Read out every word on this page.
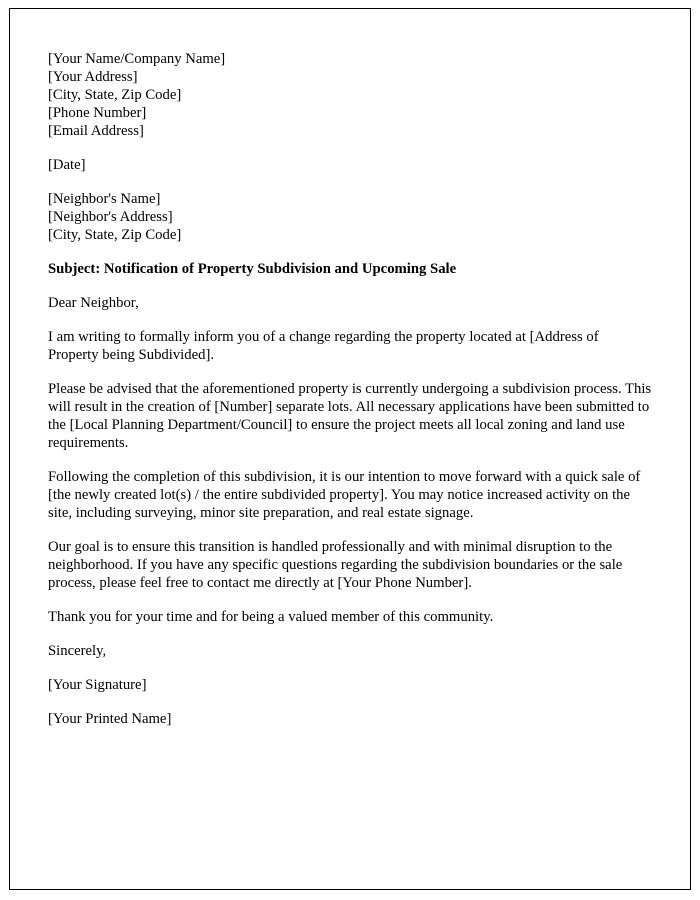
[Your Name/Company Name]

[Your Address]

[City, State, Zip Code]

[Phone Number]

[Email Address]

[Date]

[Neighbor's Name]

[Neighbor's Address]

[City, State, Zip Code]

Subject: Notification of Property Subdivision and Upcoming Sale

Dear Neighbor,

I am writing to formally inform you of a change regarding the property located at [Address of Property being Subdivided].

Please be advised that the aforementioned property is currently undergoing a subdivision process. This will result in the creation of [Number] separate lots. All necessary applications have been submitted to the [Local Planning Department/Council] to ensure the project meets all local zoning and land use requirements.

Following the completion of this subdivision, it is our intention to move forward with a quick sale of [the newly created lot(s) / the entire subdivided property]. You may notice increased activity on the site, including surveying, minor site preparation, and real estate signage.

Our goal is to ensure this transition is handled professionally and with minimal disruption to the neighborhood. If you have any specific questions regarding the subdivision boundaries or the sale process, please feel free to contact me directly at [Your Phone Number].

Thank you for your time and for being a valued member of this community.

Sincerely,

[Your Signature]

[Your Printed Name]
